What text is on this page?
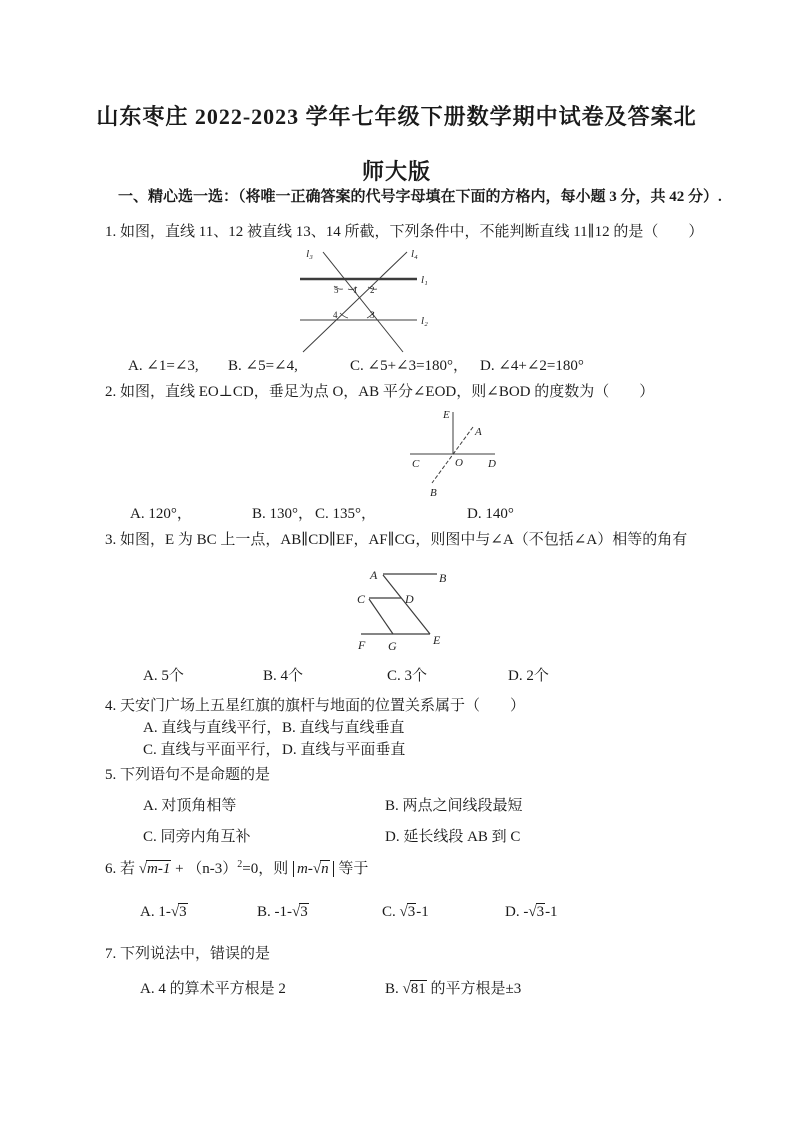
山东枣庄 2022-2023 学年七年级下册数学期中试卷及答案北
师大版
一、精心选一选：（将唯一正确答案的代号字母填在下面的方格内，每小题 3 分，共 42 分）.
1. 如图，直线 11、12 被直线 13、14 所截，下列条件中，不能判断直线 11∥12 的是（　　）
l₃	l₄
l₁
l₂
5 1 2
4	3
A. ∠1=∠3, B. ∠5=∠4,	C. ∠5+∠3=180°， D. ∠4+∠2=180°
2. 如图，直线 EO⊥CD，垂足为点 O，AB 平分∠EOD，则∠BOD 的度数为（　　）
E
A
C	O D
B
A. 120°，	B. 130°， C. 135°，	D. 140°
3. 如图，E 为 BC 上一点，AB∥CD∥EF，AF∥CG，则图中与∠A（不包括∠A）相等的角有
A	B
C	D
E
F G
A. 5个	B. 4个	C. 3个	D. 2个
4. 天安门广场上五星红旗的旗杆与地面的位置关系属于（　　）
A. 直线与直线平行， B. 直线与直线垂直
C. 直线与平面平行， D. 直线与平面垂直
5. 下列语句不是命题的是
A. 对顶角相等	B. 两点之间线段最短
C. 同旁内角互补	D. 延长线段 AB 到 C
6. 若 $√m-1 + (n-3)^2=0$，则 m-√n 等于
A. 1-√3	B. -1-√3	C. √3-1	D. -√3-1
7. 下列说法中，错误的是
A. 4 的算术平方根是 2	B. √81 的平方根是±3
